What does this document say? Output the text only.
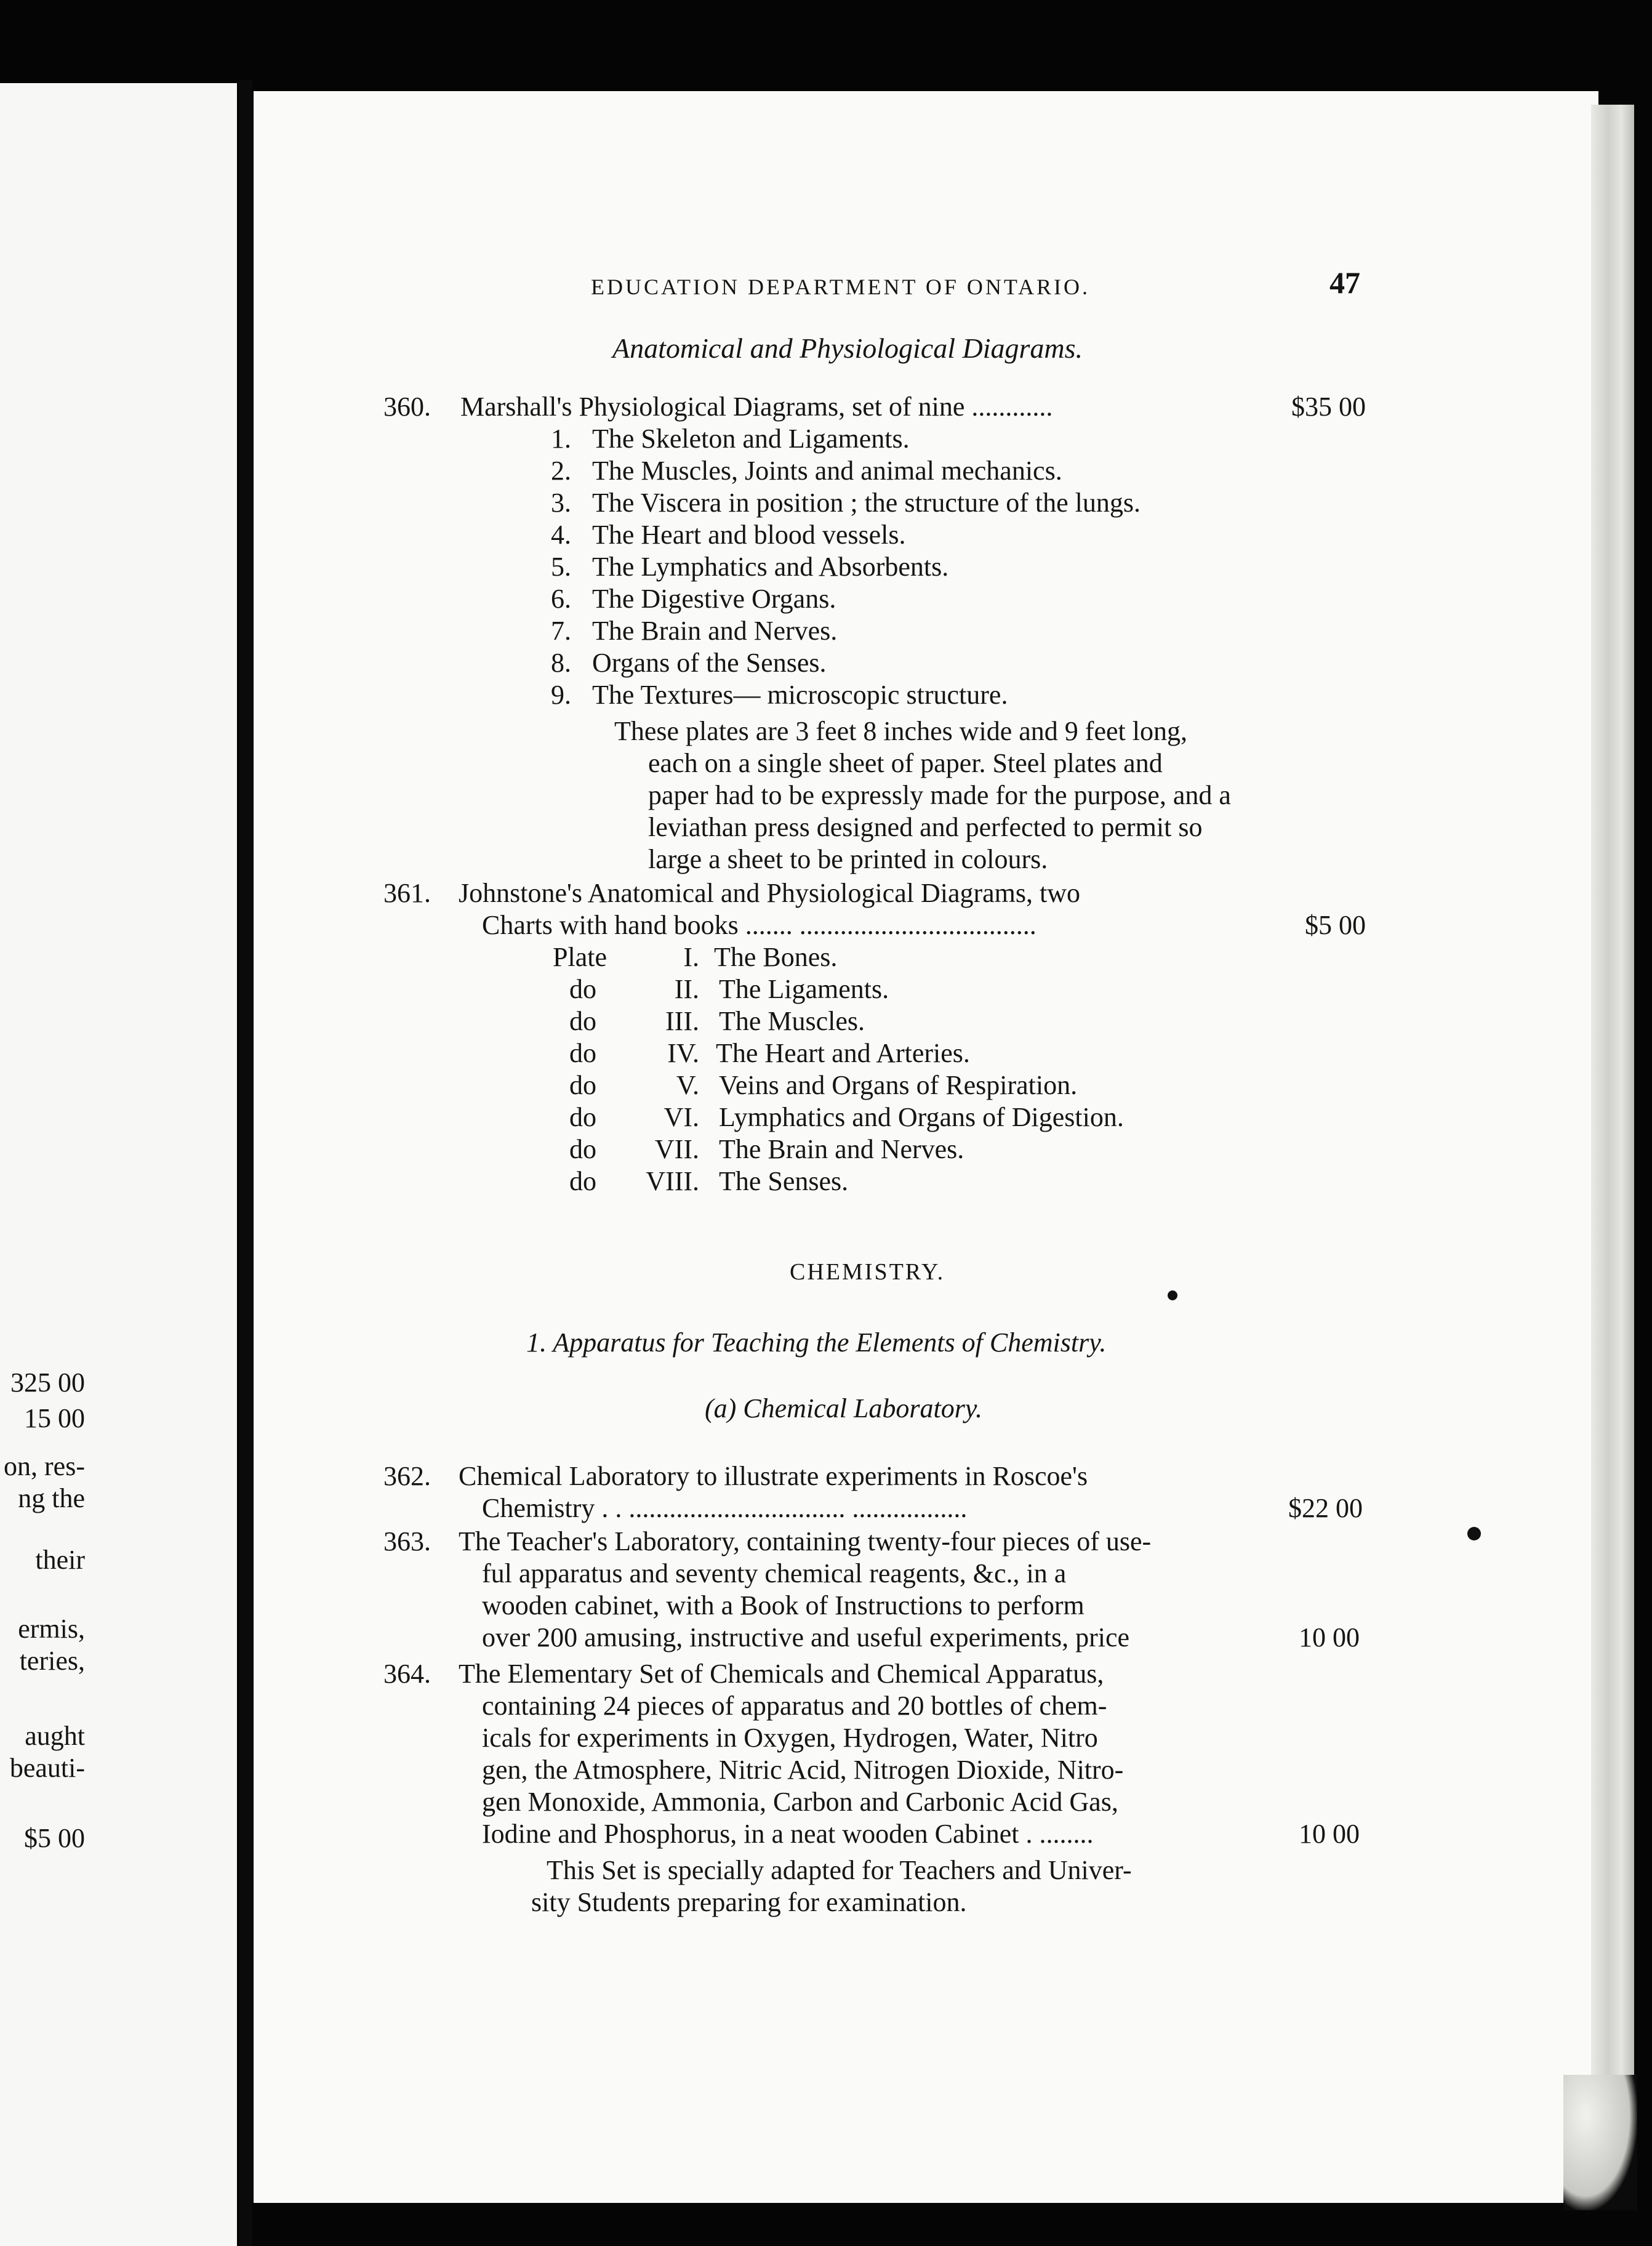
325 00
15 00
on, res-
ng the
their
ermis,
teries,
aught
beauti-
$5 00
EDUCATION DEPARTMENT OF ONTARIO.	47
Anatomical and Physiological Diagrams.
360. Marshall's Physiological Diagrams, set of nine ............	$35 00
1. The Skeleton and Ligaments.
2. The Muscles, Joints and animal mechanics.
3. The Viscera in position ; the structure of the lungs.
4. The Heart and blood vessels.
5. The Lymphatics and Absorbents.
6. The Digestive Organs.
7. The Brain and Nerves.
8. Organs of the Senses.
9. The Textures— microscopic structure.
These plates are 3 feet 8 inches wide and 9 feet long,
each on a single sheet of paper. Steel plates and
paper had to be expressly made for the purpose, and a
leviathan press designed and perfected to permit so
large a sheet to be printed in colours.
361. Johnstone's Anatomical and Physiological Diagrams, two
Charts with hand books ....... ...................................	$5 00
Plate	I. The Bones.
do	II. The Ligaments.
do	III. The Muscles.
do	IV. The Heart and Arteries.
do	V. Veins and Organs of Respiration.
do VI. Lymphatics and Organs of Digestion.
do VII. The Brain and Nerves.
do VIII. The Senses.
CHEMISTRY.
1. Apparatus for Teaching the Elements of Chemistry.
(a) Chemical Laboratory.
362. Chemical Laboratory to illustrate experiments in Roscoe's
Chemistry . . ................................ .................	$22 00
363. The Teacher's Laboratory, containing twenty-four pieces of use-
ful apparatus and seventy chemical reagents, &c., in a
wooden cabinet, with a Book of Instructions to perform
over 200 amusing, instructive and useful experiments, price	10 00
364. The Elementary Set of Chemicals and Chemical Apparatus,
containing 24 pieces of apparatus and 20 bottles of chem-
icals for experiments in Oxygen, Hydrogen, Water, Nitro
gen, the Atmosphere, Nitric Acid, Nitrogen Dioxide, Nitro-
gen Monoxide, Ammonia, Carbon and Carbonic Acid Gas,
Iodine and Phosphorus, in a neat wooden Cabinet . ........	10 00
This Set is specially adapted for Teachers and Univer-
sity Students preparing for examination.
